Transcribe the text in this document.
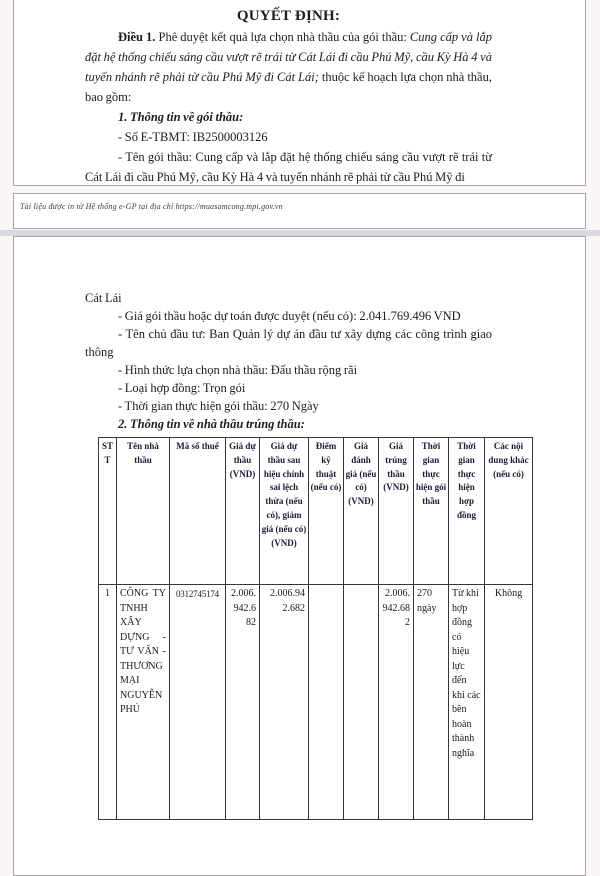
QUYẾT ĐỊNH:

Điều 1. Phê duyệt kết quả lựa chọn nhà thầu của gói thầu: Cung cấp và lắp đặt hệ thống chiếu sáng cầu vượt rẽ trái từ Cát Lái đi cầu Phú Mỹ, cầu Kỳ Hà 4 và tuyến nhánh rẽ phải từ cầu Phú Mỹ đi Cát Lái; thuộc kế hoạch lựa chọn nhà thầu, bao gồm:

1. Thông tin về gói thầu:

- Số E-TBMT: IB2500003126

- Tên gói thầu: Cung cấp và lắp đặt hệ thống chiếu sáng cầu vượt rẽ trái từ Cát Lái đi cầu Phú Mỹ, cầu Kỳ Hà 4 và tuyến nhánh rẽ phải từ cầu Phú Mỹ đi

Tài liệu được in từ Hệ thống e-GP tại địa chỉ https://muasamcong.mpi.gov.vn

Cát Lái

- Giá gói thầu hoặc dự toán được duyệt (nếu có): 2.041.769.496 VND

- Tên chủ đầu tư: Ban Quản lý dự án đầu tư xây dựng các công trình giao thông

- Hình thức lựa chọn nhà thầu: Đấu thầu rộng rãi

- Loại hợp đồng: Trọn gói

- Thời gian thực hiện gói thầu: 270 Ngày

2. Thông tin về nhà thầu trúng thầu:

STT	Tên nhà thầu	Mã số thuế	Giá dự thầu (VND)	Giá dự thầu sau hiệu chỉnh sai lệch thừa (nếu có), giảm giá (nếu có) (VND)	Điểm kỹ thuật (nếu có)	Giá đánh giá (nếu có) (VND)	Giá trúng thầu (VND)	Thời gian thực hiện gói thầu	Thời gian thực hiện hợp đồng	Các nội dung khác (nếu có)
1	CÔNG TY TNHH XÂY DỰNG - TƯ VẤN - THƯƠNG MẠI NGUYỄN PHÚ	0312745174	2.006.942.682	2.006.942.682			2.006.942.682	270 ngày	Từ khi hợp đồng có hiệu lực đến khi các bên hoàn thành nghĩa	Không
